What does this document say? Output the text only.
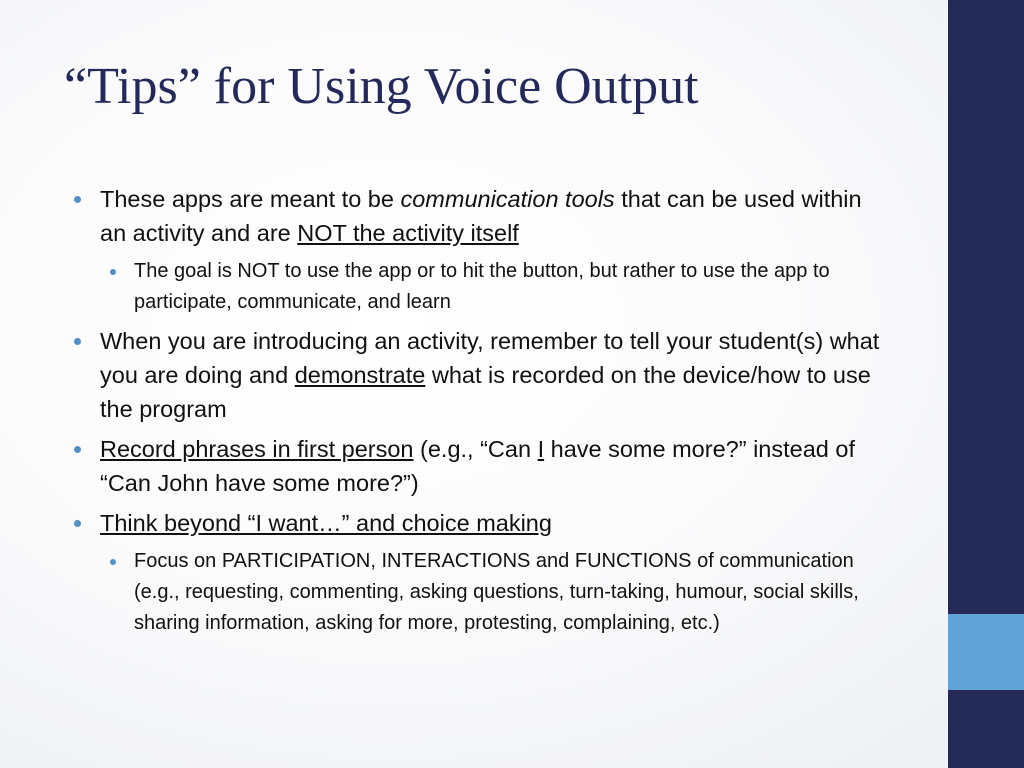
“Tips” for Using Voice Output
These apps are meant to be communication tools that can be used within an activity and are NOT the activity itself
The goal is NOT to use the app or to hit the button, but rather to use the app to participate, communicate, and learn
When you are introducing an activity, remember to tell your student(s) what you are doing and demonstrate what is recorded on the device/how to use the program
Record phrases in first person (e.g., “Can I have some more?” instead of “Can John have some more?”)
Think beyond “I want…” and choice making
Focus on PARTICIPATION, INTERACTIONS and FUNCTIONS of communication (e.g., requesting, commenting, asking questions, turn-taking, humour, social skills, sharing information, asking for more, protesting, complaining, etc.)
